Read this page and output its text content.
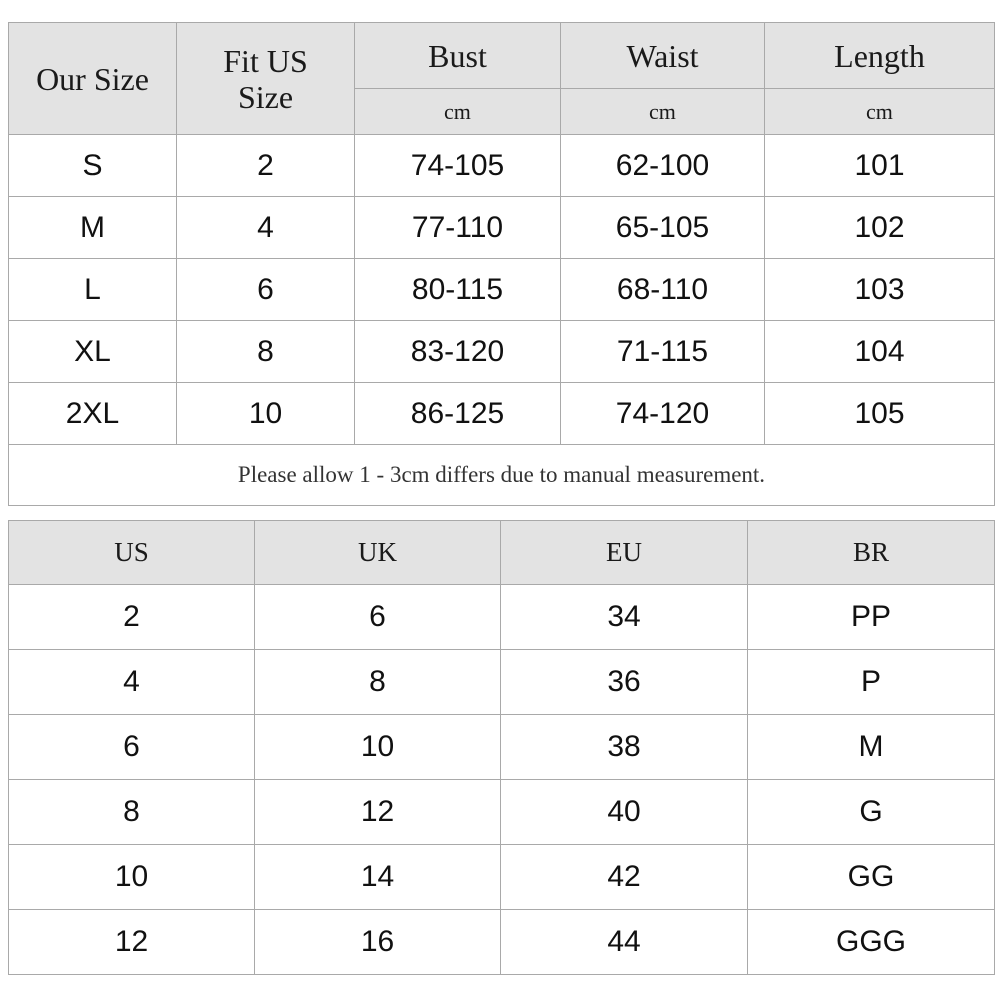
Our Size	Fit US Size	Bust	Waist	Length
		cm	cm	cm
S	2	74-105	62-100	101
M	4	77-110	65-105	102
L	6	80-115	68-110	103
XL	8	83-120	71-115	104
2XL	10	86-125	74-120	105
Please allow 1 - 3cm differs due to manual measurement.				
US	UK	EU	BR
2	6	34	PP
4	8	36	P
6	10	38	M
8	12	40	G
10	14	42	GG
12	16	44	GGG
